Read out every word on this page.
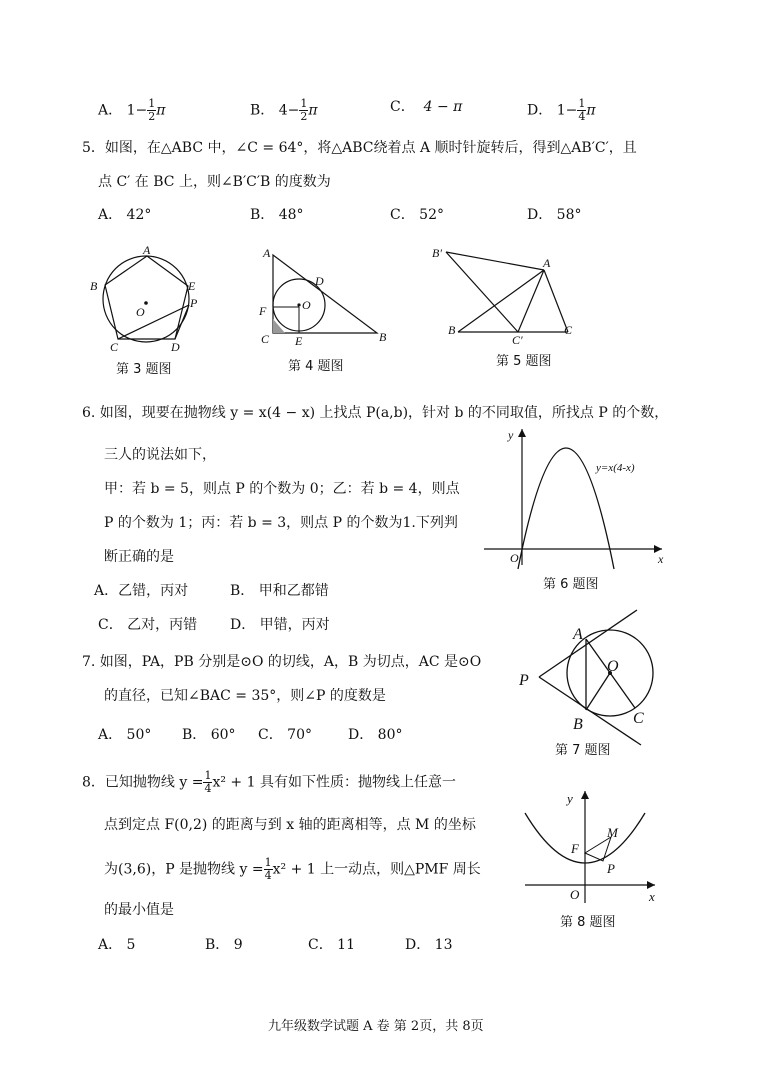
A． $1- \frac{1}{2}$ π	B． $4- \frac{1}{2}$ π	C． 4 − π	D． $1- \frac{1}{4}$ π
5．如图，在△ABC 中，∠C = 64°，将△ABC绕着点 A 顺时针旋转后，得到△AB′C′，且
点 C′ 在 BC 上，则∠B′C′B 的度数为
A． 42°	B． 48°	C． 52°	D． 58°
A
B
C	D
E
P
O
第 3 题图
A
B
C
D
E
F	O
第 4 题图
B′
A
B	C
C′
第 5 题图
6. 如图，现要在抛物线 y = x(4 − x) 上找点 P(a,b)，针对 b 的不同取值，所找点 P 的个数，
三人的说法如下，
甲：若 b = 5，则点 P 的个数为 0；乙：若 b = 4，则点
P 的个数为 1；丙：若 b = 3，则点 P 的个数为1.下列判
断正确的是
A．乙错，丙对	B． 甲和乙都错
C． 乙对，丙错 D． 甲错，丙对
y
x
O
y=x(4-x)
第 6 题图
7. 如图，PA，PB 分别是⊙O 的切线，A，B 为切点，AC 是⊙O
的直径，已知∠BAC = 35°，则∠P 的度数是
A． 50° B． 60° C． 70°	D． 80°
A
B	C
P
O
第 7 题图
8．已知抛物线 $y = \frac{1}{4} x^2 + 1$ 具有如下性质：抛物线上任意一
点到定点 F(0,2) 的距离与到 x 轴的距离相等，点 M 的坐标
为(3,6)，P 是抛物线 $y = \frac{1}{4} x^2 + 1$ 上一动点，则△PMF 周长
的最小值是
A． 5	B． 9	C． 11	D． 13
y
x
O
F
M
P
第 8 题图
九年级数学试题 A 卷 第 2页，共 8页
